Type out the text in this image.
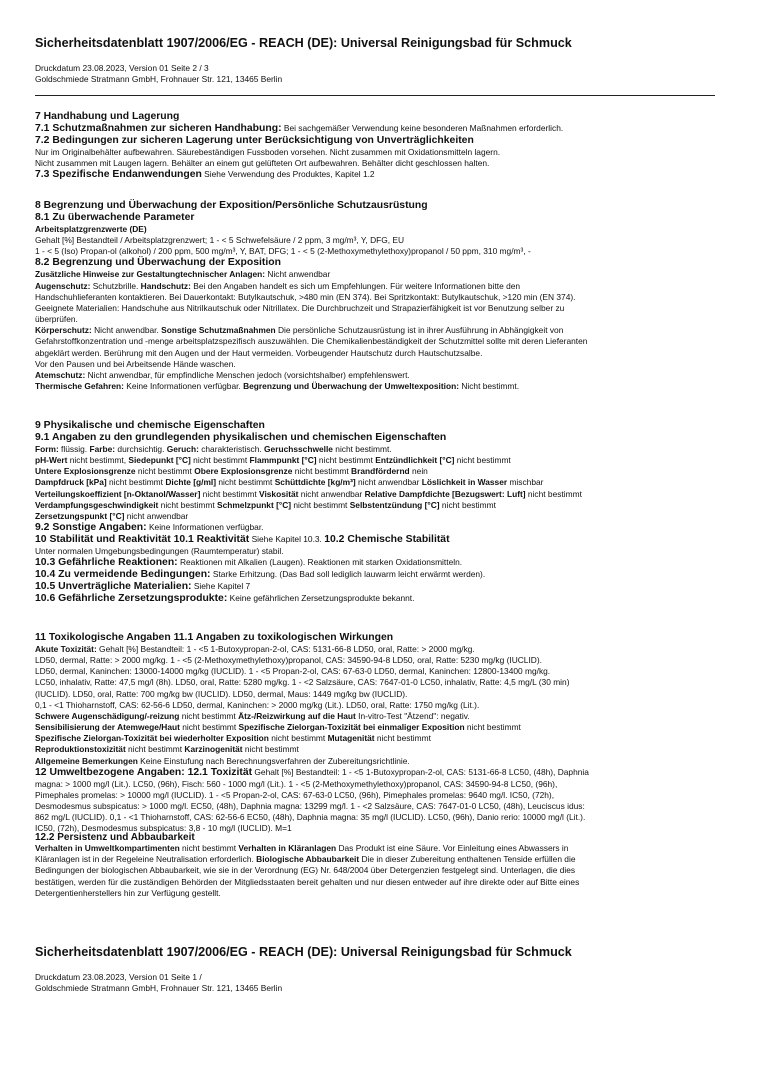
Sicherheitsdatenblatt 1907/2006/EG - REACH (DE): Universal Reinigungsbad für Schmuck
Druckdatum 23.08.2023, Version 01 Seite 2 / 3
Goldschmiede Stratmann GmbH, Frohnauer Str. 121, 13465 Berlin

7 Handhabung und Lagerung

7.1 Schutzmaßnahmen zur sicheren Handhabung: Bei sachgemäßer Verwendung keine besonderen Maßnahmen erforderlich.

7.2 Bedingungen zur sicheren Lagerung unter Berücksichtigung von Unverträglichkeiten

Nur im Originalbehälter aufbewahren. Säurebeständigen Fussboden vorsehen. Nicht zusammen mit Oxidationsmitteln lagern.

Nicht zusammen mit Laugen lagern. Behälter an einem gut gelüfteten Ort aufbewahren. Behälter dicht geschlossen halten.

7.3 Spezifische Endanwendungen Siehe Verwendung des Produktes, Kapitel 1.2

8 Begrenzung und Überwachung der Exposition/Persönliche Schutzausrüstung

8.1 Zu überwachende Parameter

Arbeitsplatzgrenzwerte (DE)

Gehalt [%] Bestandteil / Arbeitsplatzgrenzwert; 1 - < 5 Schwefelsäure / 2 ppm, 3 mg/m³, Y, DFG, EU

1 - < 5 (Iso) Propan-ol (alkohol) / 200 ppm, 500 mg/m³, Y, BAT, DFG; 1 - < 5 (2-Methoxymethylethoxy)propanol / 50 ppm, 310 mg/m³, -

8.2 Begrenzung und Überwachung der Exposition

Zusätzliche Hinweise zur Gestaltungtechnischer Anlagen: Nicht anwendbar

Augenschutz: Schutzbrille. Handschutz: Bei den Angaben handelt es sich um Empfehlungen. Für weitere Informationen bitte den

Handschuhlieferanten kontaktieren. Bei Dauerkontakt: Butylkautschuk, >480 min (EN 374). Bei Spritzkontakt: Butylkautschuk, >120 min (EN 374).

Geeignete Materialien: Handschuhe aus Nitrilkautschuk oder Nitrillatex. Die Durchbruchzeit und Strapazierfähigkeit ist vor Benutzung selber zu

überprüfen.

Körperschutz: Nicht anwendbar. Sonstige Schutzmaßnahmen Die persönliche Schutzausrüstung ist in ihrer Ausführung in Abhängigkeit von

Gefahrstoffkonzentration und -menge arbeitsplatzspezifisch auszuwählen. Die Chemikalienbeständigkeit der Schutzmittel sollte mit deren Lieferanten

abgeklärt werden. Berührung mit den Augen und der Haut vermeiden. Vorbeugender Hautschutz durch Hautschutzsalbe.

Vor den Pausen und bei Arbeitsende Hände waschen.

Atemschutz: Nicht anwendbar, für empfindliche Menschen jedoch (vorsichtshalber) empfehlenswert.

Thermische Gefahren: Keine Informationen verfügbar. Begrenzung und Überwachung der Umweltexposition: Nicht bestimmt.

9 Physikalische und chemische Eigenschaften

9.1 Angaben zu den grundlegenden physikalischen und chemischen Eigenschaften

Form: flüssig. Farbe: durchsichtig. Geruch: charakteristisch. Geruchsschwelle nicht bestimmt.

pH-Wert nicht bestimmt, Siedepunkt [°C] nicht bestimmt Flammpunkt [°C] nicht bestimmt Entzündlichkeit [°C] nicht bestimmt

Untere Explosionsgrenze nicht bestimmt Obere Explosionsgrenze nicht bestimmt Brandfördernd nein

Dampfdruck [kPa] nicht bestimmt Dichte [g/ml] nicht bestimmt Schüttdichte [kg/m³] nicht anwendbar Löslichkeit in Wasser mischbar

Verteilungskoeffizient [n-Oktanol/Wasser] nicht bestimmt Viskosität nicht anwendbar Relative Dampfdichte [Bezugswert: Luft] nicht bestimmt

Verdampfungsgeschwindigkeit nicht bestimmt Schmelzpunkt [°C] nicht bestimmt Selbstentzündung [°C] nicht bestimmt

Zersetzungspunkt [°C] nicht anwendbar

9.2 Sonstige Angaben: Keine Informationen verfügbar.

10 Stabilität und Reaktivität 10.1 Reaktivität Siehe Kapitel 10.3. 10.2 Chemische Stabilität

Unter normalen Umgebungsbedingungen (Raumtemperatur) stabil.

10.3 Gefährliche Reaktionen: Reaktionen mit Alkalien (Laugen). Reaktionen mit starken Oxidationsmitteln.

10.4 Zu vermeidende Bedingungen: Starke Erhitzung. (Das Bad soll lediglich lauwarm leicht erwärmt werden).

10.5 Unverträgliche Materialien: Siehe Kapitel 7

10.6 Gefährliche Zersetzungsprodukte: Keine gefährlichen Zersetzungsprodukte bekannt.

11 Toxikologische Angaben 11.1 Angaben zu toxikologischen Wirkungen

Akute Toxizität: Gehalt [%] Bestandteil: 1 - <5 1-Butoxypropan-2-ol, CAS: 5131-66-8 LD50, oral, Ratte: > 2000 mg/kg.

LD50, dermal, Ratte: > 2000 mg/kg. 1 - <5 (2-Methoxymethylethoxy)propanol, CAS: 34590-94-8 LD50, oral, Ratte: 5230 mg/kg (IUCLID).

LD50, dermal, Kaninchen: 13000-14000 mg/kg (IUCLID). 1 - <5 Propan-2-ol, CAS: 67-63-0 LD50, dermal, Kaninchen: 12800-13400 mg/kg.

LC50, inhalativ, Ratte: 47,5 mg/l (8h). LD50, oral, Ratte: 5280 mg/kg. 1 - <2 Salzsäure, CAS: 7647-01-0 LC50, inhalativ, Ratte: 4,5 mg/L (30 min)

(IUCLID). LD50, oral, Ratte: 700 mg/kg bw (IUCLID). LD50, dermal, Maus: 1449 mg/kg bw (IUCLID).

0,1 - <1 Thioharnstoff, CAS: 62-56-6 LD50, dermal, Kaninchen: > 2000 mg/kg (Lit.). LD50, oral, Ratte: 1750 mg/kg (Lit.).

Schwere Augenschädigung/-reizung nicht bestimmt Ätz-/Reizwirkung auf die Haut In-vitro-Test "Ätzend": negativ.

Sensibilisierung der Atemwege/Haut nicht bestimmt Spezifische Zielorgan-Toxizität bei einmaliger Exposition nicht bestimmt

Spezifische Zielorgan-Toxizität bei wiederholter Exposition nicht bestimmt Mutagenität nicht bestimmt

Reproduktionstoxizität nicht bestimmt Karzinogenität nicht bestimmt

Allgemeine Bemerkungen Keine Einstufung nach Berechnungsverfahren der Zubereitungsrichtlinie.

12 Umweltbezogene Angaben: 12.1 Toxizität Gehalt [%] Bestandteil: 1 - <5 1-Butoxypropan-2-ol, CAS: 5131-66-8 LC50, (48h), Daphnia

magna: > 1000 mg/l (Lit.). LC50, (96h), Fisch: 560 - 1000 mg/l (Lit.). 1 - <5 (2-Methoxymethylethoxy)propanol, CAS: 34590-94-8 LC50, (96h),

Pimephales promelas: > 10000 mg/l (IUCLID). 1 - <5 Propan-2-ol, CAS: 67-63-0 LC50, (96h), Pimephales promelas: 9640 mg/l. IC50, (72h),

Desmodesmus subspicatus: > 1000 mg/l. EC50, (48h), Daphnia magna: 13299 mg/l. 1 - <2 Salzsäure, CAS: 7647-01-0 LC50, (48h), Leuciscus idus:

862 mg/L (IUCLID). 0,1 - <1 Thioharnstoff, CAS: 62-56-6 EC50, (48h), Daphnia magna: 35 mg/l (IUCLID). LC50, (96h), Danio rerio: 10000 mg/l (Lit.).

IC50, (72h), Desmodesmus subspicatus: 3,8 - 10 mg/l (IUCLID). M=1

12.2 Persistenz und Abbaubarkeit

Verhalten in Umweltkompartimenten nicht bestimmt Verhalten in Kläranlagen Das Produkt ist eine Säure. Vor Einleitung eines Abwassers in

Kläranlagen ist in der Regeleine Neutralisation erforderlich. Biologische Abbaubarkeit Die in dieser Zubereitung enthaltenen Tenside erfüllen die

Bedingungen der biologischen Abbaubarkeit, wie sie in der Verordnung (EG) Nr. 648/2004 über Detergenzien festgelegt sind. Unterlagen, die dies

bestätigen, werden für die zuständigen Behörden der Mitgliedsstaaten bereit gehalten und nur diesen entweder auf ihre direkte oder auf Bitte eines

Detergentienherstellers hin zur Verfügung gestellt.

Sicherheitsdatenblatt 1907/2006/EG - REACH (DE): Universal Reinigungsbad für Schmuck
Druckdatum 23.08.2023, Version 01 Seite 1 /
Goldschmiede Stratmann GmbH, Frohnauer Str. 121, 13465 Berlin
